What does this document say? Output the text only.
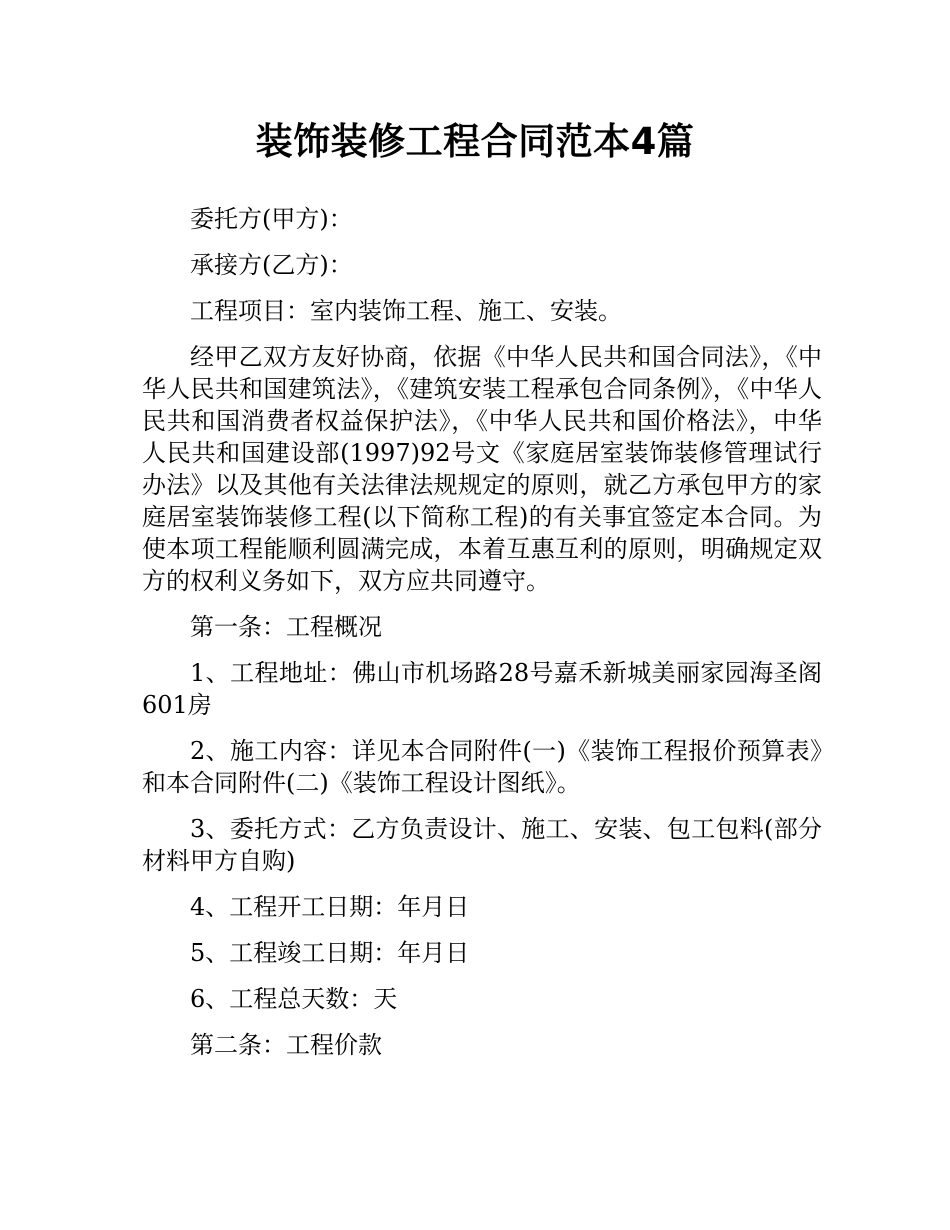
装饰装修工程合同范本4篇

委托方(甲方)：

承接方(乙方)：

工程项目：室内装饰工程、施工、安装。

经甲乙双方友好协商，依据《中华人民共和国合同法》，《中华人民共和国建筑法》，《建筑安装工程承包合同条例》，《中华人民共和国消费者权益保护法》，《中华人民共和国价格法》，中华人民共和国建设部(1997)92号文《家庭居室装饰装修管理试行办法》以及其他有关法律法规规定的原则，就乙方承包甲方的家庭居室装饰装修工程(以下简称工程)的有关事宜签定本合同。为使本项工程能顺利圆满完成，本着互惠互利的原则，明确规定双方的权利义务如下，双方应共同遵守。

第一条：工程概况

1、工程地址：佛山市机场路28号嘉禾新城美丽家园海圣阁601房

2、施工内容：详见本合同附件(一)《装饰工程报价预算表》和本合同附件(二)《装饰工程设计图纸》。

3、委托方式：乙方负责设计、施工、安装、包工包料(部分材料甲方自购)

4、工程开工日期：年月日

5、工程竣工日期：年月日

6、工程总天数：天

第二条：工程价款
